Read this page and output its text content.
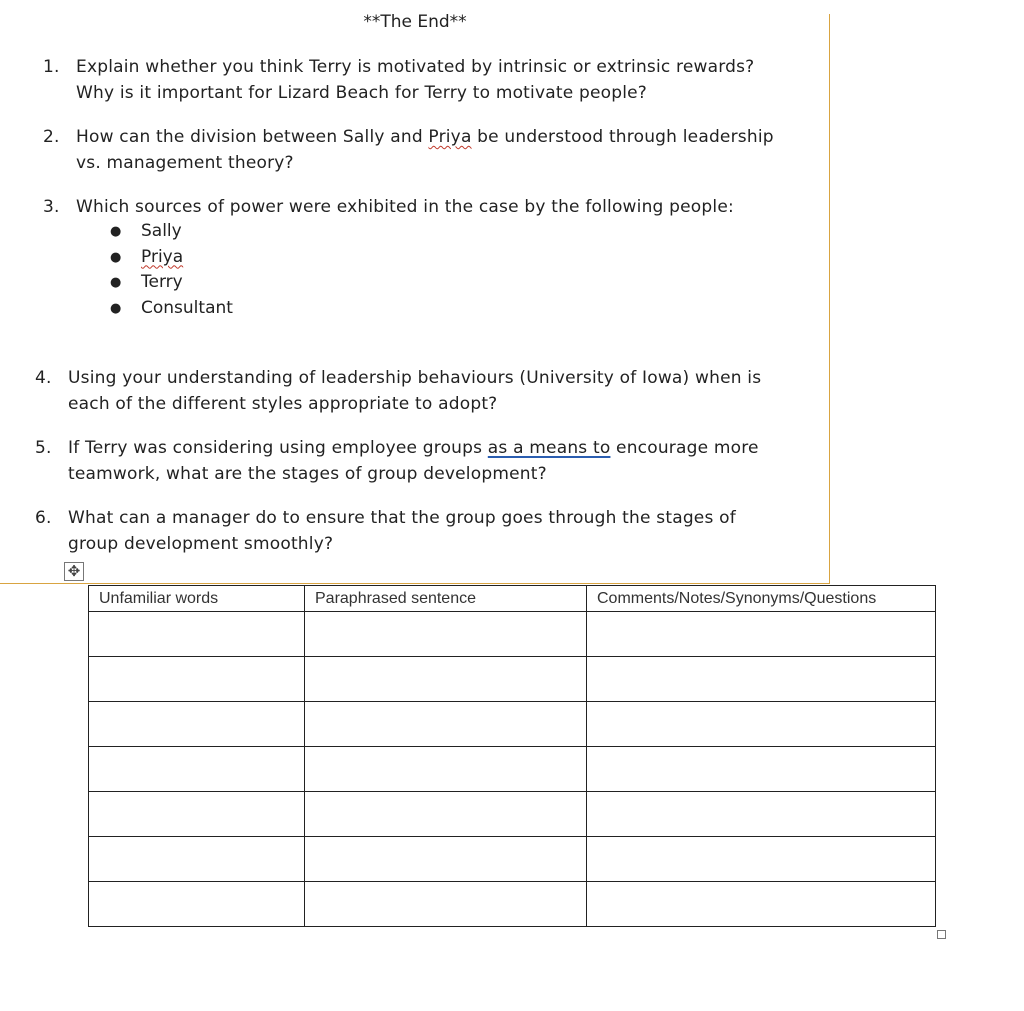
**The End**
1. Explain whether you think Terry is motivated by intrinsic or extrinsic rewards?
Why is it important for Lizard Beach for Terry to motivate people?
2. How can the division between Sally and Priya be understood through leadership
vs. management theory?
3. Which sources of power were exhibited in the case by the following people:
● Sally
● Priya
● Terry
● Consultant
4. Using your understanding of leadership behaviours (University of Iowa) when is
each of the different styles appropriate to adopt?
5. If Terry was considering using employee groups as a means to encourage more
teamwork, what are the stages of group development?
6. What can a manager do to ensure that the group goes through the stages of
group development smoothly?
✥
Unfamiliar words	Paraphrased sentence	Comments/Notes/Synonyms/Questions
